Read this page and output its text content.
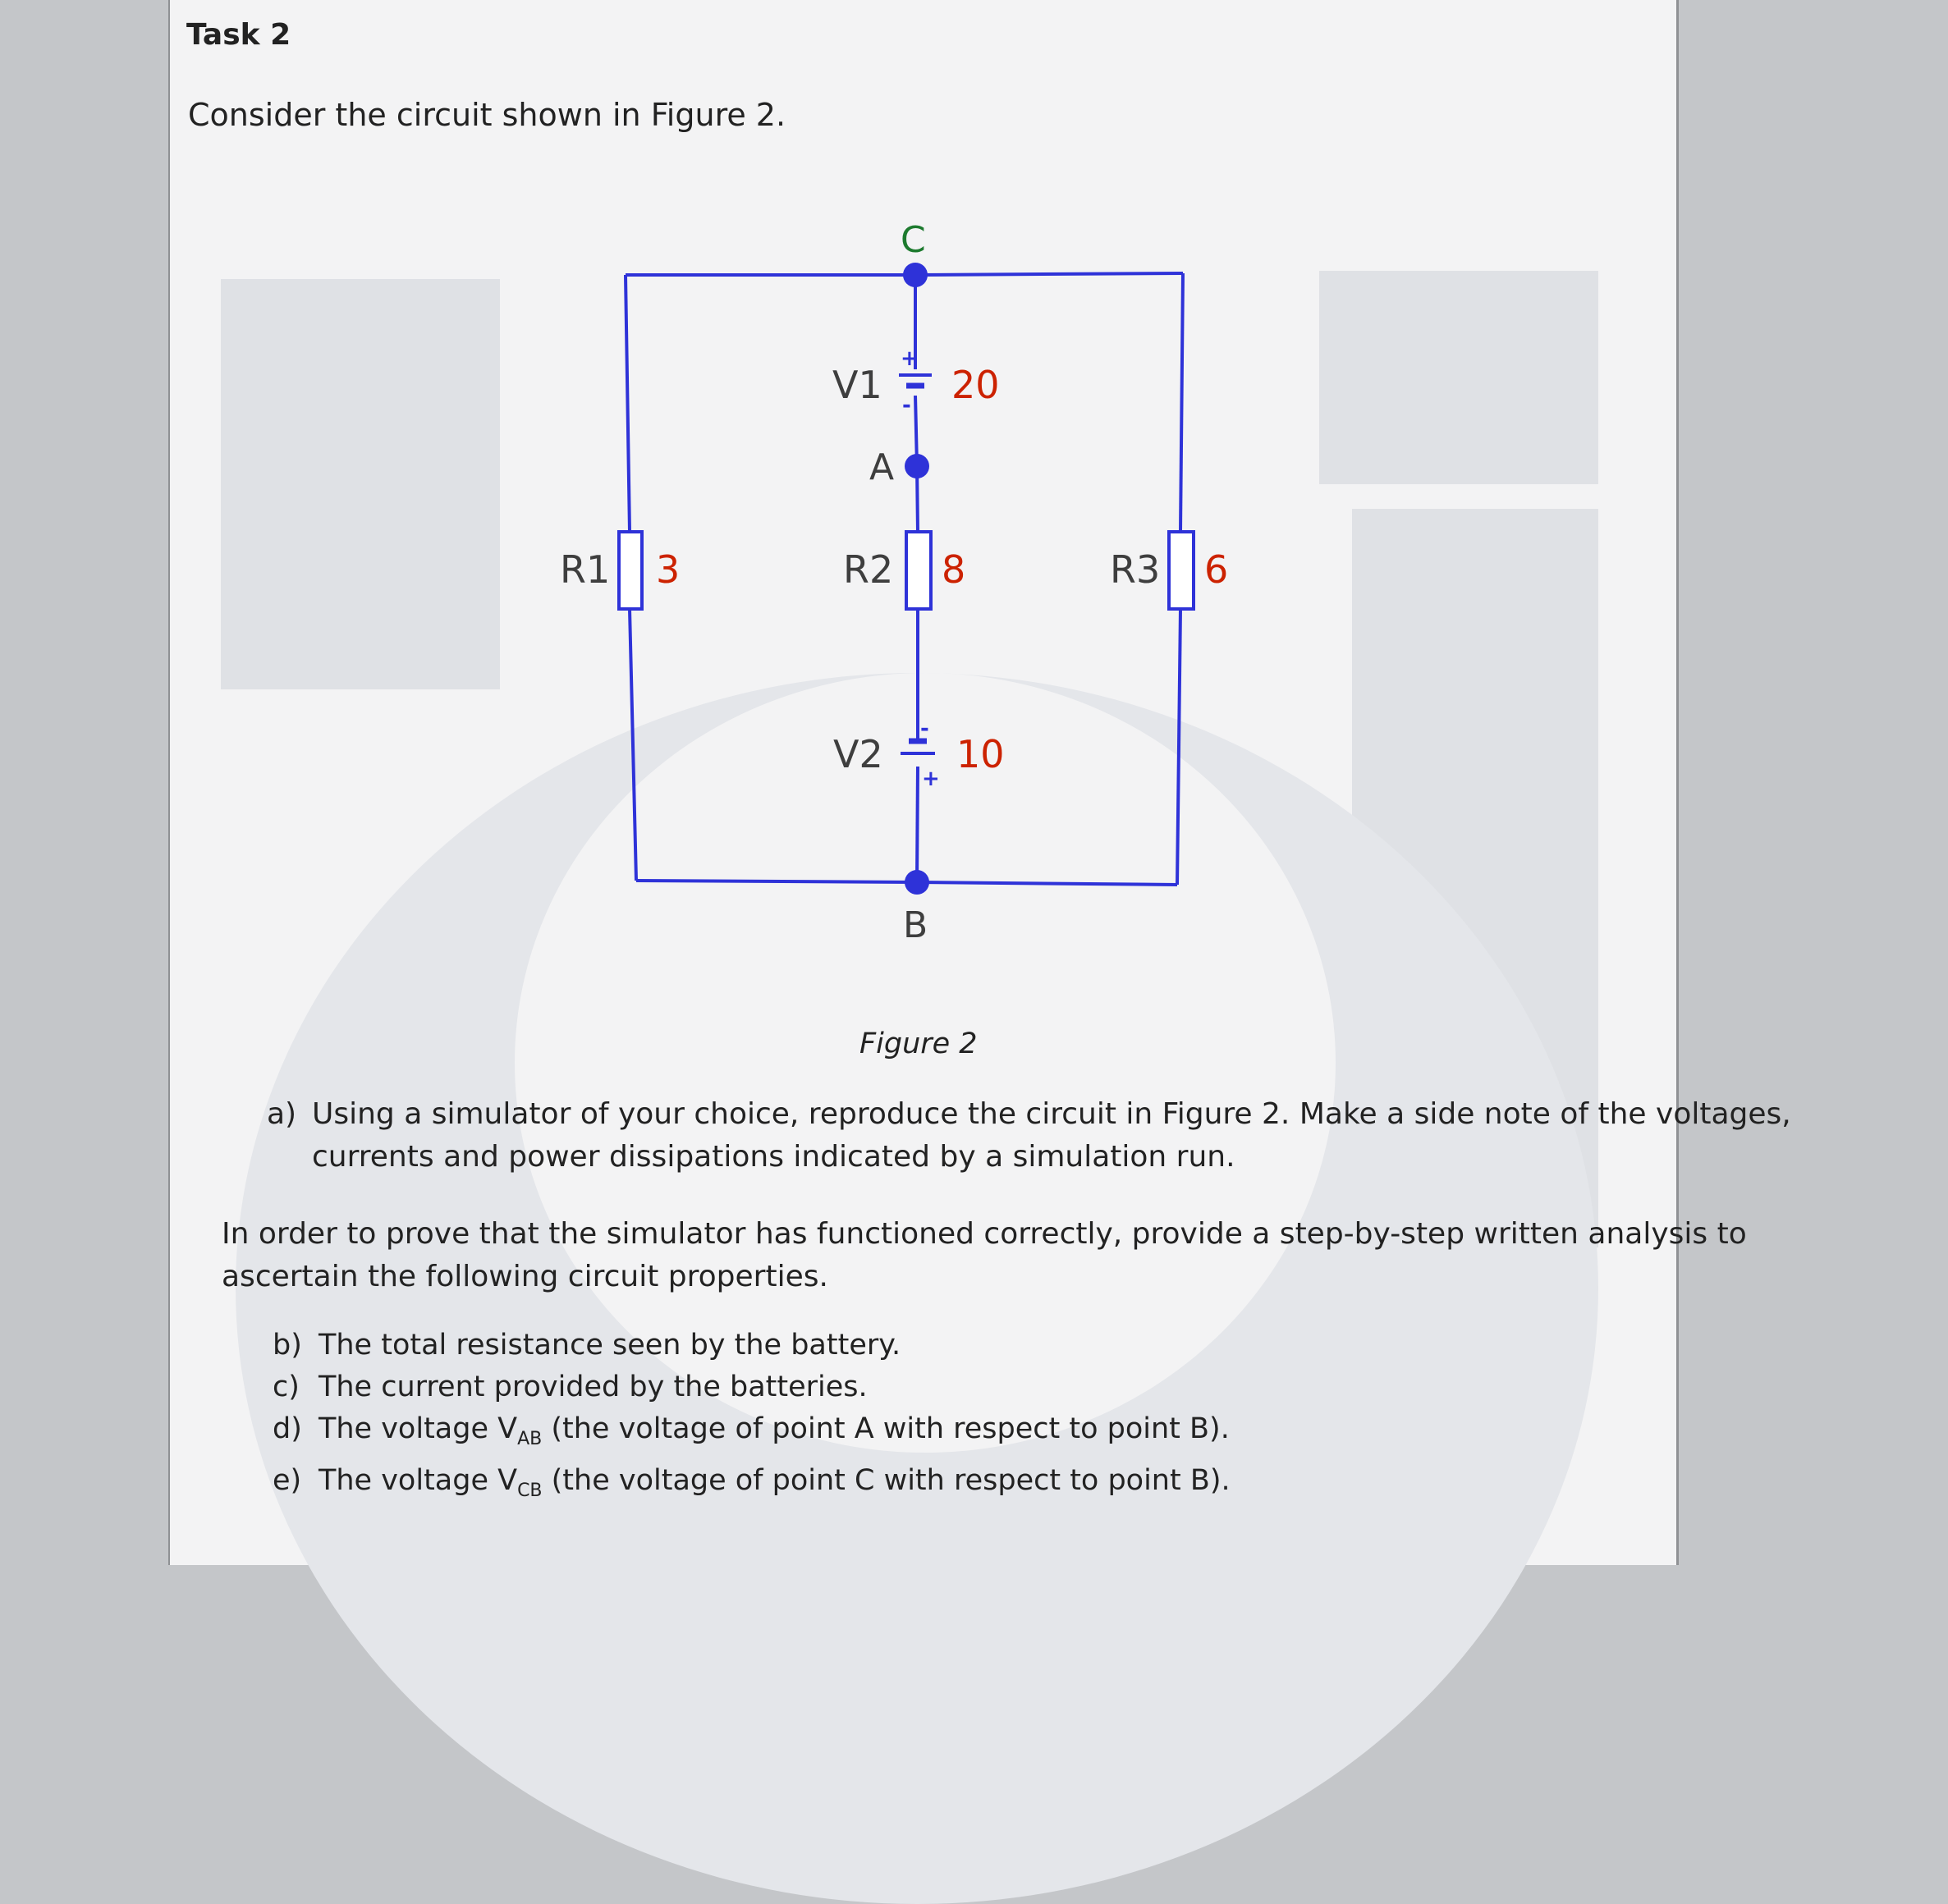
Task 2
Consider the circuit shown in Figure 2.
+
-
V1 20
-
+
V2 10
R1 3	R2 8	R3 6
C
A
B
Figure 2
a) Using a simulator of your choice, reproduce the circuit in Figure 2. Make a side note of the voltages,
currents and power dissipations indicated by a simulation run.
In order to prove that the simulator has functioned correctly, provide a step-by-step written analysis to
ascertain the following circuit properties.
b) The total resistance seen by the battery.
c) The current provided by the batteries.
d) The voltage $V_{AB}$ (the voltage of point A with respect to point B).
e) The voltage $V_{CB}$ (the voltage of point C with respect to point B).
